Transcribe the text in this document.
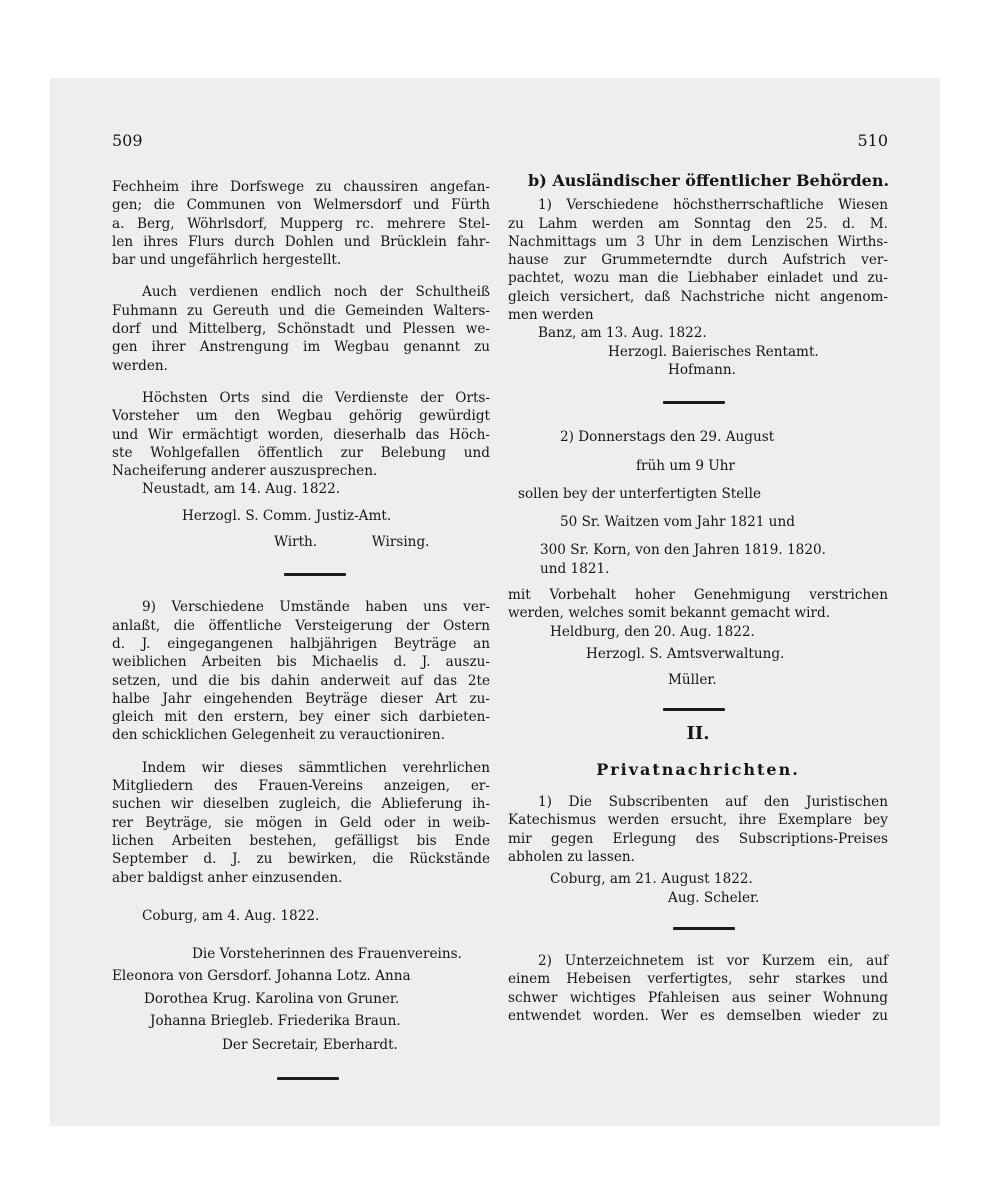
509
Fechheim ihre Dorfswege zu chaussiren angefan-
gen; die Communen von Welmersdorf und Fürth
a. Berg, Wöhrlsdorf, Mupperg rc. mehrere Stel-
len ihres Flurs durch Dohlen und Brücklein fahr-
bar und ungefährlich hergestellt.
Auch verdienen endlich noch der Schultheiß
Fuhmann zu Gereuth und die Gemeinden Walters-
dorf und Mittelberg, Schönstadt und Plessen we-
gen ihrer Anstrengung im Wegbau genannt zu
werden.
Höchsten Orts sind die Verdienste der Orts-
Vorsteher um den Wegbau gehörig gewürdigt
und Wir ermächtigt worden, dieserhalb das Höch-
ste Wohlgefallen öffentlich zur Belebung und
Nacheiferung anderer auszusprechen.
Neustadt, am 14. Aug. 1822.
Herzogl. S. Comm. Justiz-Amt.
Wirth.	Wirsing.
9) Verschiedene Umstände haben uns ver-
anlaßt, die öffentliche Versteigerung der Ostern
d. J. eingegangenen halbjährigen Beyträge an
weiblichen Arbeiten bis Michaelis d. J. auszu-
setzen, und die bis dahin anderweit auf das 2te
halbe Jahr eingehenden Beyträge dieser Art zu-
gleich mit den erstern, bey einer sich darbieten-
den schicklichen Gelegenheit zu verauctioniren.
Indem wir dieses sämmtlichen verehrlichen
Mitgliedern des Frauen-Vereins anzeigen, er-
suchen wir dieselben zugleich, die Ablieferung ih-
rer Beyträge, sie mögen in Geld oder in weib-
lichen Arbeiten bestehen, gefälligst bis Ende
September d. J. zu bewirken, die Rückstände
aber baldigst anher einzusenden.
Coburg, am 4. Aug. 1822.
Die Vorsteherinnen des Frauenvereins.
Eleonora von Gersdorf. Johanna Lotz. Anna
Dorothea Krug. Karolina von Gruner.
Johanna Briegleb. Friederika Braun.
Der Secretair, Eberhardt.
510
b) Ausländischer öffentlicher Behörden.
1) Verschiedene höchstherrschaftliche Wiesen
zu Lahm werden am Sonntag den 25. d. M.
Nachmittags um 3 Uhr in dem Lenzischen Wirths-
hause zur Grummeterndte durch Aufstrich ver-
pachtet, wozu man die Liebhaber einladet und zu-
gleich versichert, daß Nachstriche nicht angenom-
men werden
Banz, am 13. Aug. 1822.
Herzogl. Baierisches Rentamt.
Hofmann.
2) Donnerstags den 29. August
früh um 9 Uhr
sollen bey der unterfertigten Stelle
50 Sr. Waitzen vom Jahr 1821 und
300 Sr. Korn, von den Jahren 1819. 1820.
und 1821.
mit Vorbehalt hoher Genehmigung verstrichen
werden, welches somit bekannt gemacht wird.
Heldburg, den 20. Aug. 1822.
Herzogl. S. Amtsverwaltung.
Müller.
II.
Privatnachrichten.
1) Die Subscribenten auf den Juristischen
Katechismus werden ersucht, ihre Exemplare bey
mir gegen Erlegung des Subscriptions-Preises
abholen zu lassen.
Coburg, am 21. August 1822.
Aug. Scheler.
2) Unterzeichnetem ist vor Kurzem ein, auf
einem Hebeisen verfertigtes, sehr starkes und
schwer wichtiges Pfahleisen aus seiner Wohnung
entwendet worden. Wer es demselben wieder zu
